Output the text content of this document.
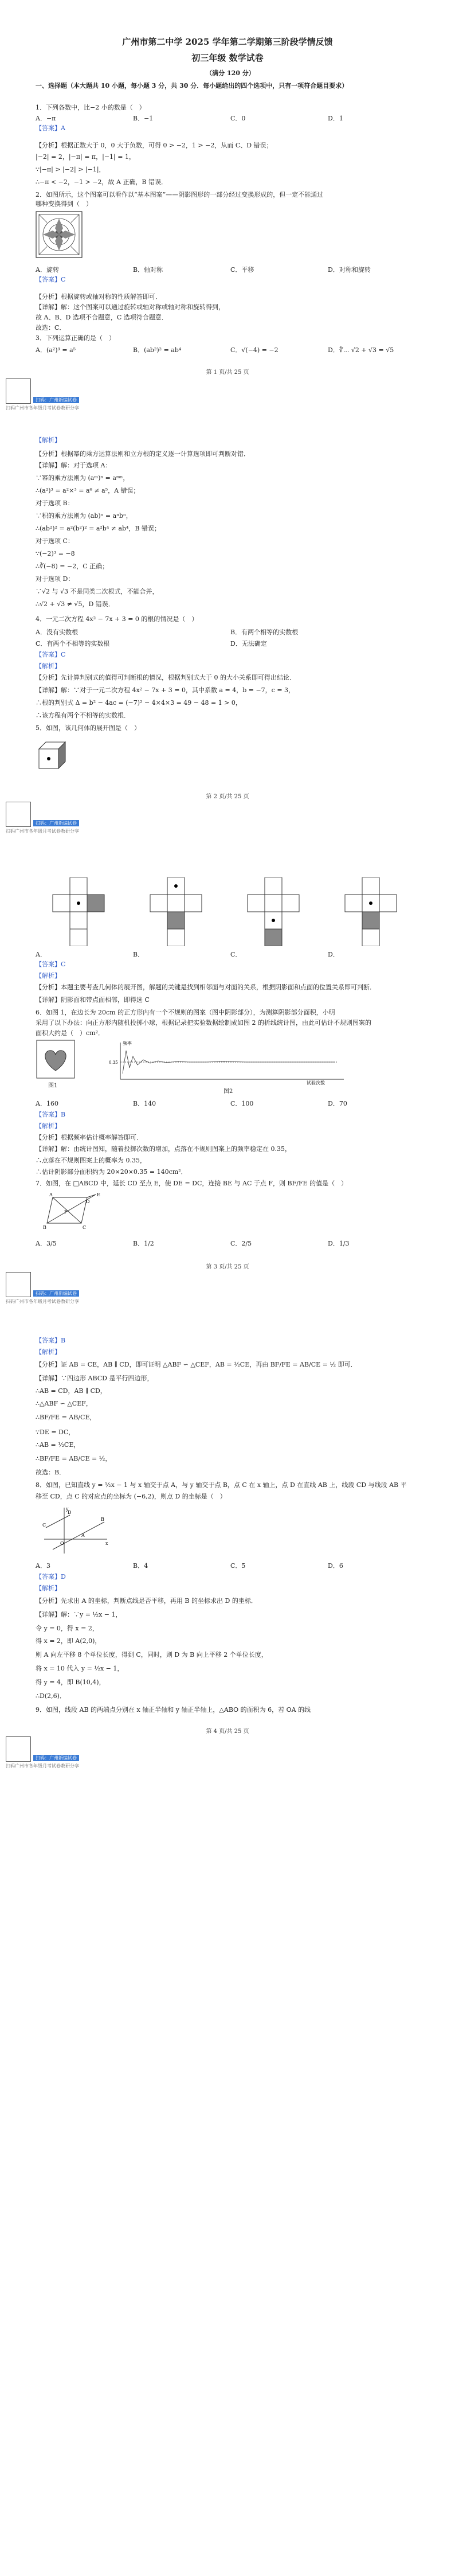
广州市第二中学 2025 学年第二学期第三阶段学情反馈
初三年级 数学试卷
（满分 120 分）
一、选择题（本大题共 10 小题，每小题 3 分，共 30 分．每小题给出的四个选项中，只有一项符合题目要求）
1．下列各数中，比−2 小的数是（　）
A．−π	B．−1	C．0	D．1
【答案】A
【分析】根据正数大于 0，0 大于负数，可得 0 > −2，1 > −2，从而 C、D 错误；
|−2| = 2，|−π| = π，|−1| = 1，
∵|−π| > |−2| > |−1|，
∴−π < −2，−1 > −2，故 A 正确，B 错误．
2．如图所示，这个图案可以看作以“基本图案”——阴影图形的一部分经过变换形成的，但一定不能通过
哪种变换得到（　）
A．旋转	B．轴对称	C．平移	D．对称和旋转
【答案】C
【分析】根据旋转或轴对称的性质解答即可．
【详解】解：这个图案可以通过旋转或轴对称或轴对称和旋转得到，
故 A、B、D 选项不合题意，C 选项符合题意．
故选：C．
3．下列运算正确的是（　）
A．(a²)³ = a⁵	B．(ab²)² = ab⁴	C．√(−4) = −2	D．∜... √2 + √3 = √5
第 1 页/共 25 页
扫码：广州新编试卷
扫码广州市各年级月考试卷教研分享
【解析】
【分析】根据幂的乘方运算法则和立方根的定义逐一计算选项即可判断对错．
【详解】解：对于选项 A：
∵幂的乘方法则为 (aᵐ)ⁿ = aᵐⁿ，
∴(a²)³ = a²×³ = a⁶ ≠ a⁵，A 错误；
对于选项 B：
∵积的乘方法则为 (ab)ⁿ = aⁿbⁿ，
∴(ab²)² = a²(b²)² = a²b⁴ ≠ ab⁴，B 错误；
对于选项 C：
∵(−2)³ = −8
∴∛(−8) = −2，C 正确；
对于选项 D：
∵√2 与 √3 不是同类二次根式，不能合并，
∴√2 + √3 ≠ √5，D 错误．
4．一元二次方程 4x² − 7x + 3 = 0 的根的情况是（　）
A．没有实数根	B．有两个相等的实数根
C．有两个不相等的实数根	D．无法确定
【答案】C
【解析】
【分析】先计算判别式的值得可判断根的情况，根据判别式大于 0 的大小关系即可得出结论．
【详解】解：∵对于一元二次方程 4x² − 7x + 3 = 0，其中系数 a = 4，b = −7，c = 3，
∴根的判别式 Δ = b² − 4ac = (−7)² − 4×4×3 = 49 − 48 = 1 > 0，
∴该方程有两个不相等的实数根．
5．如图，该几何体的展开图是（　）
第 2 页/共 25 页
扫码：广州新编试卷
扫码广州市各年级月考试卷教研分享
A．	B．	C．	D．
【答案】C
【解析】
【分析】本题主要考查几何体的展开图，解题的关键是找到相邻面与对面的关系，根据阴影面和点面的位置关系即可判断．
【详解】阴影面和带点面相邻，即得选 C
6．如图 1，在边长为 20cm 的正方形内有一个不规则的图案（图中阴影部分），为测算阴影部分面积，小明
采用了以下办法：向正方形内随机投掷小球，根据记录把实验数据绘制成如图 2 的折线统计图，由此可估计不规则图案的
面积大约是（　）cm²．
图1
频率
试验次数
0.35
图2
A．160	B．140	C．100	D．70
【答案】B
【解析】
【分析】根据频率估计概率解答即可．
【详解】解：由统计图知，随着投掷次数的增加，点落在不规则图案上的频率稳定在 0.35，
∴点落在不规则图案上的概率为 0.35，
∴估计阴影部分面积约为 20×20×0.35 = 140cm²．
7．如图，在 □ABCD 中，延长 CD 至点 E，使 DE = DC，连接 BE 与 AC 于点 F，则 BF/FE 的值是（　）
A
B	C
D
E
F
A．3/5	B．1/2	C．2/5	D．1/3
第 3 页/共 25 页
扫码：广州新编试卷
扫码广州市各年级月考试卷教研分享
【答案】B
【解析】
【分析】证 AB = CE，AB ∥ CD，即可证明 △ABF ∽ △CEF，AB = ½CE，再由 BF/FE = AB/CE = ½ 即可．
【详解】∵四边形 ABCD 是平行四边形，
∴AB = CD，AB ∥ CD，
∴△ABF ∽ △CEF，
∴BF/FE = AB/CE，
∵DE = DC，
∴AB = ½CE，
∴BF/FE = AB/CE = ½，
故选：B．
8．如图，已知直线 y = ½x − 1 与 x 轴交于点 A，与 y 轴交于点 B，点 C 在 x 轴上，点 D 在直线 AB 上，线段 CD 与线段 AB 平
移至 CD，点 C 的对应点的坐标为 (−6,2)，则点 D 的坐标是（　）
x
y
O
A
B
C
D
A．3	B．4	C．5	D．6
【答案】D
【解析】
【分析】先求出 A 的坐标，判断点线是否平移，再用 B 的坐标求出 D 的坐标．
【详解】解：∵y = ½x − 1，
令 y = 0，得 x = 2，
得 x = 2，即 A(2,0)，
则 A 向左平移 8 个单位长度，得到 C，同时，则 D 为 B 向上平移 2 个单位长度，
将 x = 10 代入 y = ½x − 1，
得 y = 4，即 B(10,4)，
∴D(2,6)．
9．如图，线段 AB 的两端点分别在 x 轴正半轴和 y 轴正半轴上，△ABO 的面积为 6，若 OA 的线
第 4 页/共 25 页
扫码：广州新编试卷
扫码广州市各年级月考试卷教研分享
